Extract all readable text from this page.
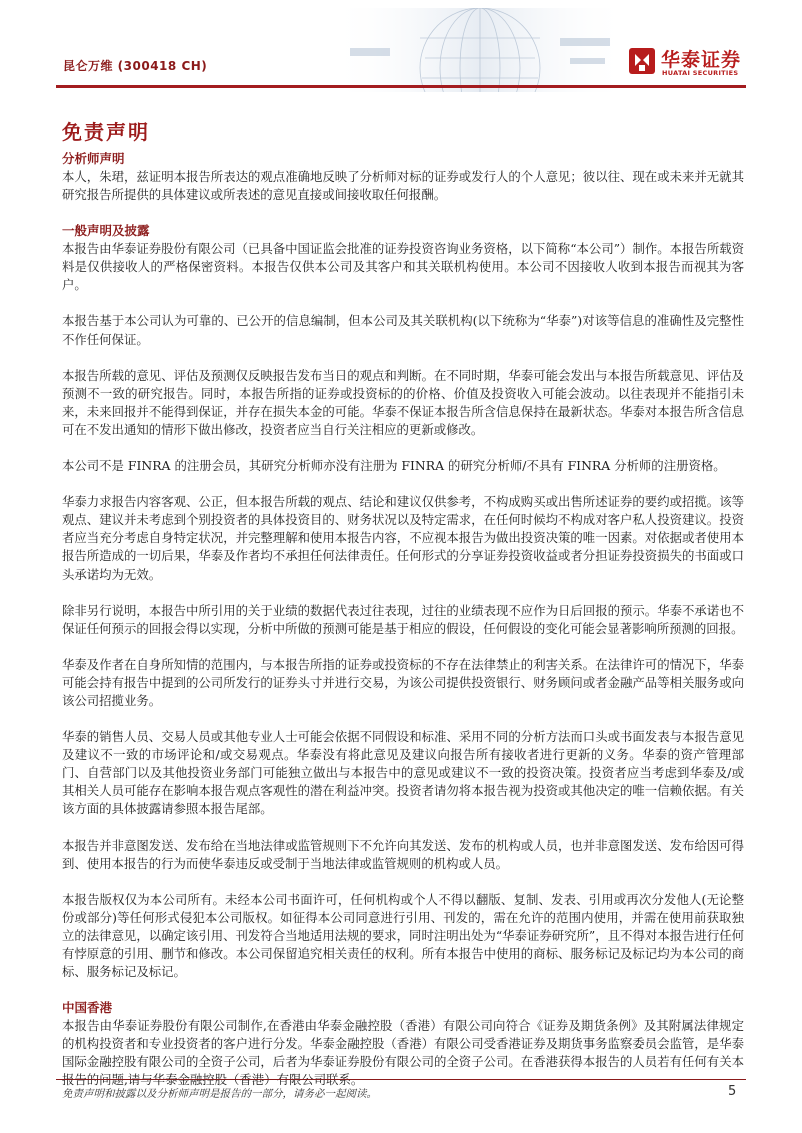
昆仑万维 (300418 CH)	华泰证券
HUATAI SECURITIES
免责声明

分析师声明

本人，朱珺，兹证明本报告所表达的观点准确地反映了分析师对标的证券或发行人的个人意见；彼以往、现在或未来并无就其研究报告所提供的具体建议或所表述的意见直接或间接收取任何报酬。

一般声明及披露

本报告由华泰证券股份有限公司（已具备中国证监会批准的证券投资咨询业务资格，以下简称“本公司”）制作。本报告所载资料是仅供接收人的严格保密资料。本报告仅供本公司及其客户和其关联机构使用。本公司不因接收人收到本报告而视其为客户。

本报告基于本公司认为可靠的、已公开的信息编制，但本公司及其关联机构(以下统称为“华泰”)对该等信息的准确性及完整性不作任何保证。

本报告所载的意见、评估及预测仅反映报告发布当日的观点和判断。在不同时期，华泰可能会发出与本报告所载意见、评估及预测不一致的研究报告。同时，本报告所指的证券或投资标的的价格、价值及投资收入可能会波动。以往表现并不能指引未来，未来回报并不能得到保证，并存在损失本金的可能。华泰不保证本报告所含信息保持在最新状态。华泰对本报告所含信息可在不发出通知的情形下做出修改，投资者应当自行关注相应的更新或修改。

本公司不是 FINRA 的注册会员，其研究分析师亦没有注册为 FINRA 的研究分析师/不具有 FINRA 分析师的注册资格。

华泰力求报告内容客观、公正，但本报告所载的观点、结论和建议仅供参考，不构成购买或出售所述证券的要约或招揽。该等观点、建议并未考虑到个别投资者的具体投资目的、财务状况以及特定需求，在任何时候均不构成对客户私人投资建议。投资者应当充分考虑自身特定状况，并完整理解和使用本报告内容，不应视本报告为做出投资决策的唯一因素。对依据或者使用本报告所造成的一切后果，华泰及作者均不承担任何法律责任。任何形式的分享证券投资收益或者分担证券投资损失的书面或口头承诺均为无效。

除非另行说明，本报告中所引用的关于业绩的数据代表过往表现，过往的业绩表现不应作为日后回报的预示。华泰不承诺也不保证任何预示的回报会得以实现，分析中所做的预测可能是基于相应的假设，任何假设的变化可能会显著影响所预测的回报。

华泰及作者在自身所知情的范围内，与本报告所指的证券或投资标的不存在法律禁止的利害关系。在法律许可的情况下，华泰可能会持有报告中提到的公司所发行的证券头寸并进行交易，为该公司提供投资银行、财务顾问或者金融产品等相关服务或向该公司招揽业务。

华泰的销售人员、交易人员或其他专业人士可能会依据不同假设和标准、采用不同的分析方法而口头或书面发表与本报告意见及建议不一致的市场评论和/或交易观点。华泰没有将此意见及建议向报告所有接收者进行更新的义务。华泰的资产管理部门、自营部门以及其他投资业务部门可能独立做出与本报告中的意见或建议不一致的投资决策。投资者应当考虑到华泰及/或其相关人员可能存在影响本报告观点客观性的潜在利益冲突。投资者请勿将本报告视为投资或其他决定的唯一信赖依据。有关该方面的具体披露请参照本报告尾部。

本报告并非意图发送、发布给在当地法律或监管规则下不允许向其发送、发布的机构或人员，也并非意图发送、发布给因可得到、使用本报告的行为而使华泰违反或受制于当地法律或监管规则的机构或人员。

本报告版权仅为本公司所有。未经本公司书面许可，任何机构或个人不得以翻版、复制、发表、引用或再次分发他人(无论整份或部分)等任何形式侵犯本公司版权。如征得本公司同意进行引用、刊发的，需在允许的范围内使用，并需在使用前获取独立的法律意见，以确定该引用、刊发符合当地适用法规的要求，同时注明出处为“华泰证券研究所”，且不得对本报告进行任何有悖原意的引用、删节和修改。本公司保留追究相关责任的权利。所有本报告中使用的商标、服务标记及标记均为本公司的商标、服务标记及标记。

中国香港

本报告由华泰证券股份有限公司制作,在香港由华泰金融控股（香港）有限公司向符合《证券及期货条例》及其附属法律规定的机构投资者和专业投资者的客户进行分发。华泰金融控股（香港）有限公司受香港证券及期货事务监察委员会监管，是华泰国际金融控股有限公司的全资子公司，后者为华泰证券股份有限公司的全资子公司。在香港获得本报告的人员若有任何有关本

免责声明和披露以及分析师声明是报告的一部分，请务必一起阅读。	5
